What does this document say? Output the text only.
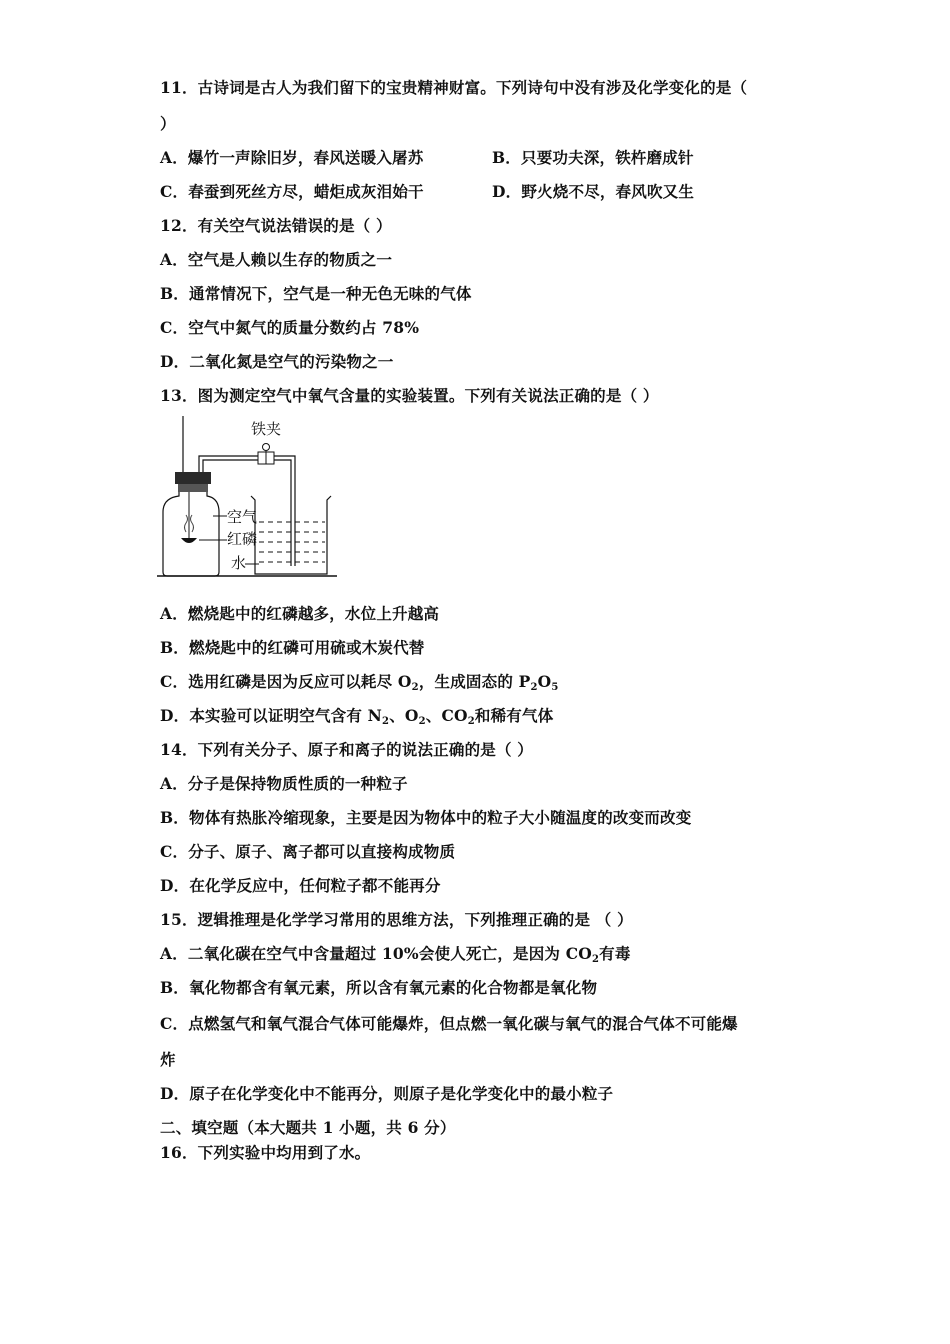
11．古诗词是古人为我们留下的宝贵精神财富。下列诗句中没有涉及化学变化的是（
）
A．爆竹一声除旧岁，春风送暖入屠苏	B．只要功夫深，铁杵磨成针
C．春蚕到死丝方尽，蜡炬成灰泪始干	D．野火烧不尽，春风吹又生
12．有关空气说法错误的是（ ）
A．空气是人赖以生存的物质之一
B．通常情况下，空气是一种无色无味的气体
C．空气中氮气的质量分数约占 78%
D．二氧化氮是空气的污染物之一
13．图为测定空气中氧气含量的实验装置。下列有关说法正确的是（ ）
铁夹
空气
红磷
水
A．燃烧匙中的红磷越多，水位上升越高
B．燃烧匙中的红磷可用硫或木炭代替
C．选用红磷是因为反应可以耗尽 $O_2$，生成固态的 $P_2O_5$
D．本实验可以证明空气含有 $N_2$、$O_2$、$CO_2$和稀有气体
14．下列有关分子、原子和离子的说法正确的是（ ）
A．分子是保持物质性质的一种粒子
B．物体有热胀冷缩现象，主要是因为物体中的粒子大小随温度的改变而改变
C．分子、原子、离子都可以直接构成物质
D．在化学反应中，任何粒子都不能再分
15．逻辑推理是化学学习常用的思维方法，下列推理正确的是 （ ）
A．二氧化碳在空气中含量超过 10%会使人死亡，是因为 $CO_2$有毒
B．氧化物都含有氧元素，所以含有氧元素的化合物都是氧化物
C．点燃氢气和氧气混合气体可能爆炸，但点燃一氧化碳与氧气的混合气体不可能爆
炸
D．原子在化学变化中不能再分，则原子是化学变化中的最小粒子
二、填空题（本大题共 1 小题，共 6 分）
16．下列实验中均用到了水。
